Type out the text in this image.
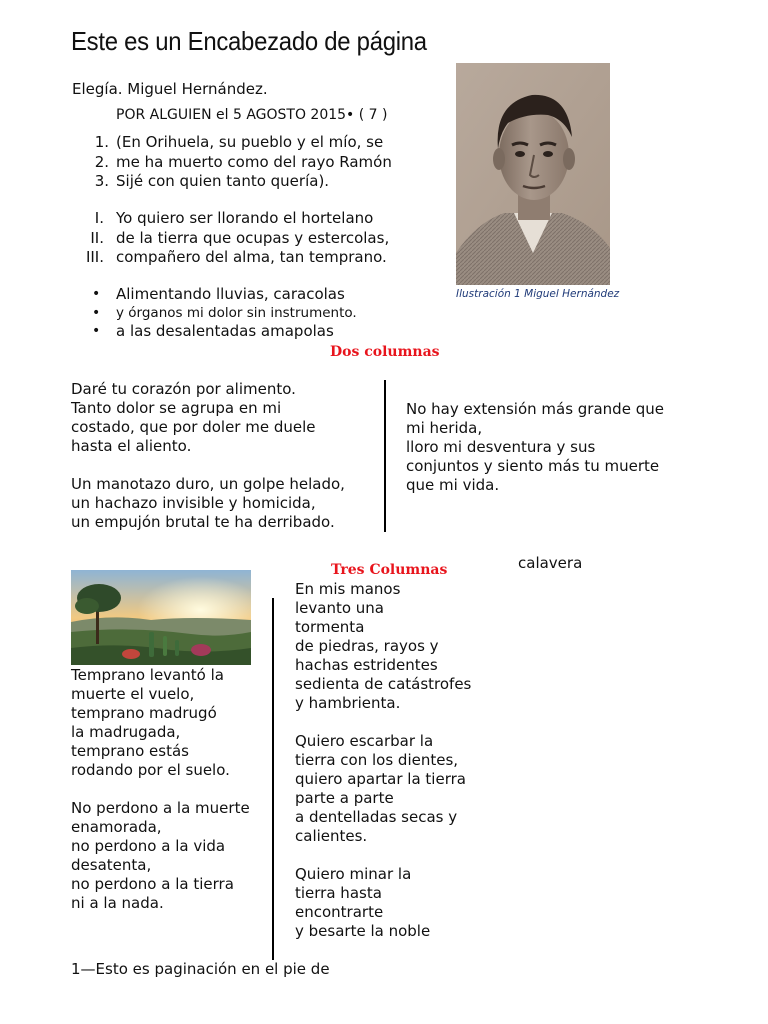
Este es un Encabezado de página
Elegía. Miguel Hernández.
POR ALGUIEN el 5 AGOSTO 2015• ( 7 )
1. (En Orihuela, su pueblo y el mío, se
2. me ha muerto como del rayo Ramón
3. Sijé con quien tanto quería).
I. Yo quiero ser llorando el hortelano
II. de la tierra que ocupas y estercolas,
III. compañero del alma, tan temprano.
• Alimentando lluvias, caracolas
• y órganos mi dolor sin instrumento.
• a las desalentadas amapolas
Ilustración 1 Miguel Hernández
Dos columnas

Daré tu corazón por alimento.
Tanto dolor se agrupa en mi
costado, que por doler me duele
hasta el aliento.

Un manotazo duro, un golpe helado,
un hachazo invisible y homicida,
un empujón brutal te ha derribado.

No hay extensión más grande que
mi herida,
lloro mi desventura y sus
conjuntos y siento más tu muerte
que mi vida.

Tres Columnas	calavera

Temprano levantó la
muerte el vuelo,
temprano madrugó
la madrugada,
temprano estás
rodando por el suelo.

No perdono a la muerte
enamorada,
no perdono a la vida
desatenta,
no perdono a la tierra
ni a la nada.

En mis manos
levanto una
tormenta
de piedras, rayos y
hachas estridentes
sedienta de catástrofes
y hambrienta.

Quiero escarbar la
tierra con los dientes,
quiero apartar la tierra
parte a parte
a dentelladas secas y
calientes.

Quiero minar la
tierra hasta
encontrarte
y besarte la noble

1—Esto es paginación en el pie de
